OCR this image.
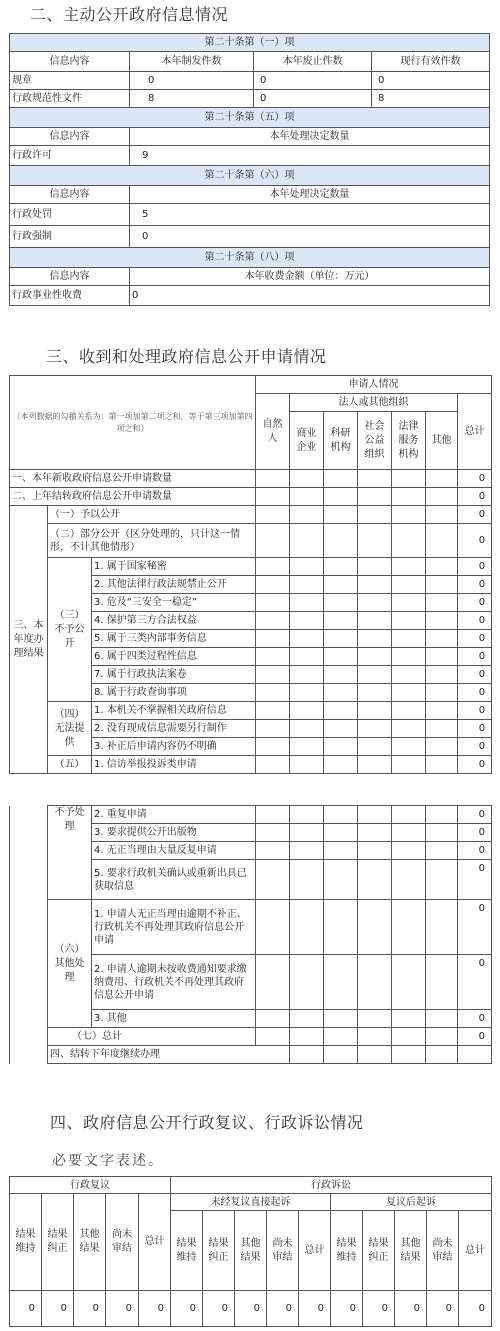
二、主动公开政府信息情况
第二十条第（一）项			
信息内容	本年制发件数	本年废止件数	现行有效件数
规章	0	0	0
行政规范性文件	8	0	8
第二十条第（五）项			
信息内容	本年处理决定数量		
行政许可	9		
第二十条第（六）项			
信息内容	本年处理决定数量		
行政处罚	5		
行政强制	0		
第二十条第（八）项			
信息内容	本年收费金额（单位：万元）		
行政事业性收费	0		
三、收到和处理政府信息公开申请情况
（本列数据的勾稽关系为：第一项加第二项之和，等于第三项加第四项之和）			申请人情况						
			自然人	法人或其他组织					总计
				商业企业	科研机构	社会公益组织	法律服务机构	其他	
一、本年新收政府信息公开申请数量									0
二、上年结转政府信息公开申请数量									0
三、本年度办理结果	（一）予以公开								0
	（二）部分公开（区分处理的，只计这一情形，不计其他情形）								0
	（三）不予公开	1. 属于国家秘密							0
		2. 其他法律行政法规禁止公开							0
		3. 危及“三安全一稳定”							0
		4. 保护第三方合法权益							0
		5. 属于三类内部事务信息							0
		6. 属于四类过程性信息							0
		7. 属于行政执法案卷							0
		8. 属于行政查询事项							0
	（四）无法提供	1. 本机关不掌握相关政府信息							0
		2. 没有现成信息需要另行制作							0
		3. 补正后申请内容仍不明确							0
	（五）	1. 信访举报投诉类申请							0
	不予处理	2. 重复申请							0	
		3. 要求提供公开出版物							0	
		4. 无正当理由大量反复申请							0	
		5. 要求行政机关确认或重新出具已获取信息							0	
	（六）其他处理	1. 申请人无正当理由逾期不补正、行政机关不再处理其政府信息公开申请							0	
		2. 申请人逾期未按收费通知要求缴纳费用、行政机关不再处理其政府信息公开申请							0	
		3. 其他							0	
	（七）总计								0	
	四、结转下年度继续办理							
四、政府信息公开行政复议、行政诉讼情况
必要文字表述。
行政复议					行政诉讼									
结果维持	结果纠正	其他结果	尚未审结	总计	未经复议直接起诉					复议后起诉				
					结果维持	结果纠正	其他结果	尚未审结	总计	结果维持	结果纠正	其他结果	尚未审结	总计
0	0	0	0	0	0	0	0	0	0	0	0	0	0	0
